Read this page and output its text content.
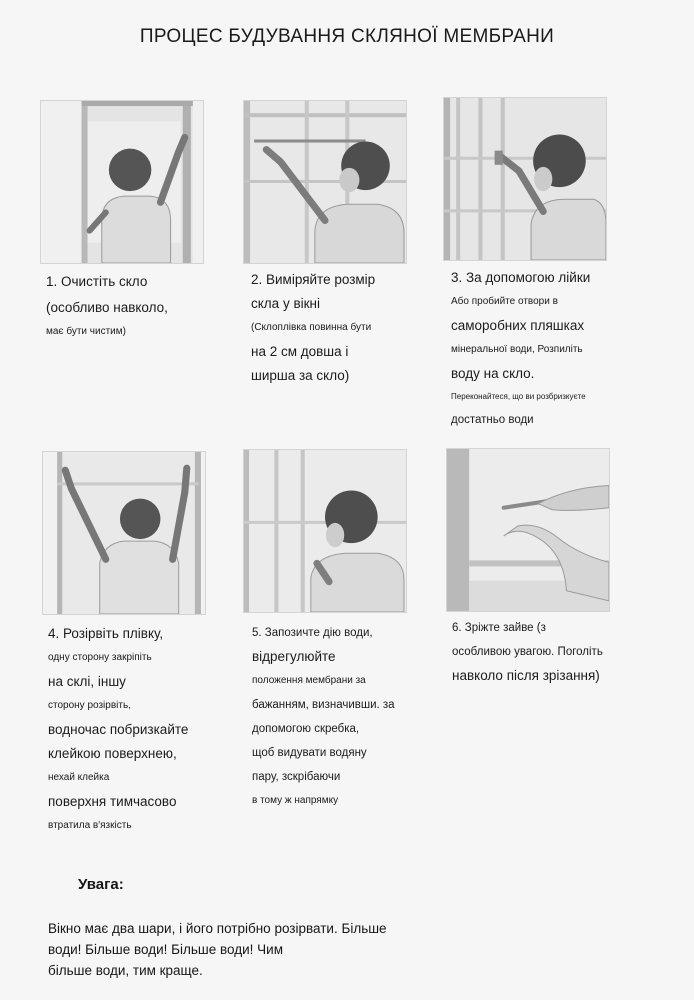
ПРОЦЕС БУДУВАННЯ СКЛЯНОЇ МЕМБРАНИ
1. Очистіть скло
(особливо навколо,
має бути чистим)
2. Виміряйте розмір
скла у вікні
(Склоплівка повинна бути
на 2 см довша і
ширша за скло)
3. За допомогою лійки
Або пробийте отвори в
саморобних пляшках
мінеральної води, Розпиліть
воду на скло.
Переконайтеся, що ви розбризкуєте
достатньо води
4. Розірвіть плівку,
одну сторону закріпіть
на склі, іншу
сторону розірвіть,
водночас побризкайте
клейкою поверхнею,
нехай клейка
поверхня тимчасово
втратила в'язкість
5. Запозичте дію води,
відрегулюйте
положення мембрани за
бажанням, визначивши. за
допомогою скребка,
щоб видувати водяну
пару, зскрібаючи
в тому ж напрямку
6. Зріжте зайве (з
особливою увагою. Поголіть
навколо після зрізання)
Увага:
Вікно має два шари, і його потрібно розірвати. Більше
води! Більше води! Більше води! Чим
більше води, тим краще.
